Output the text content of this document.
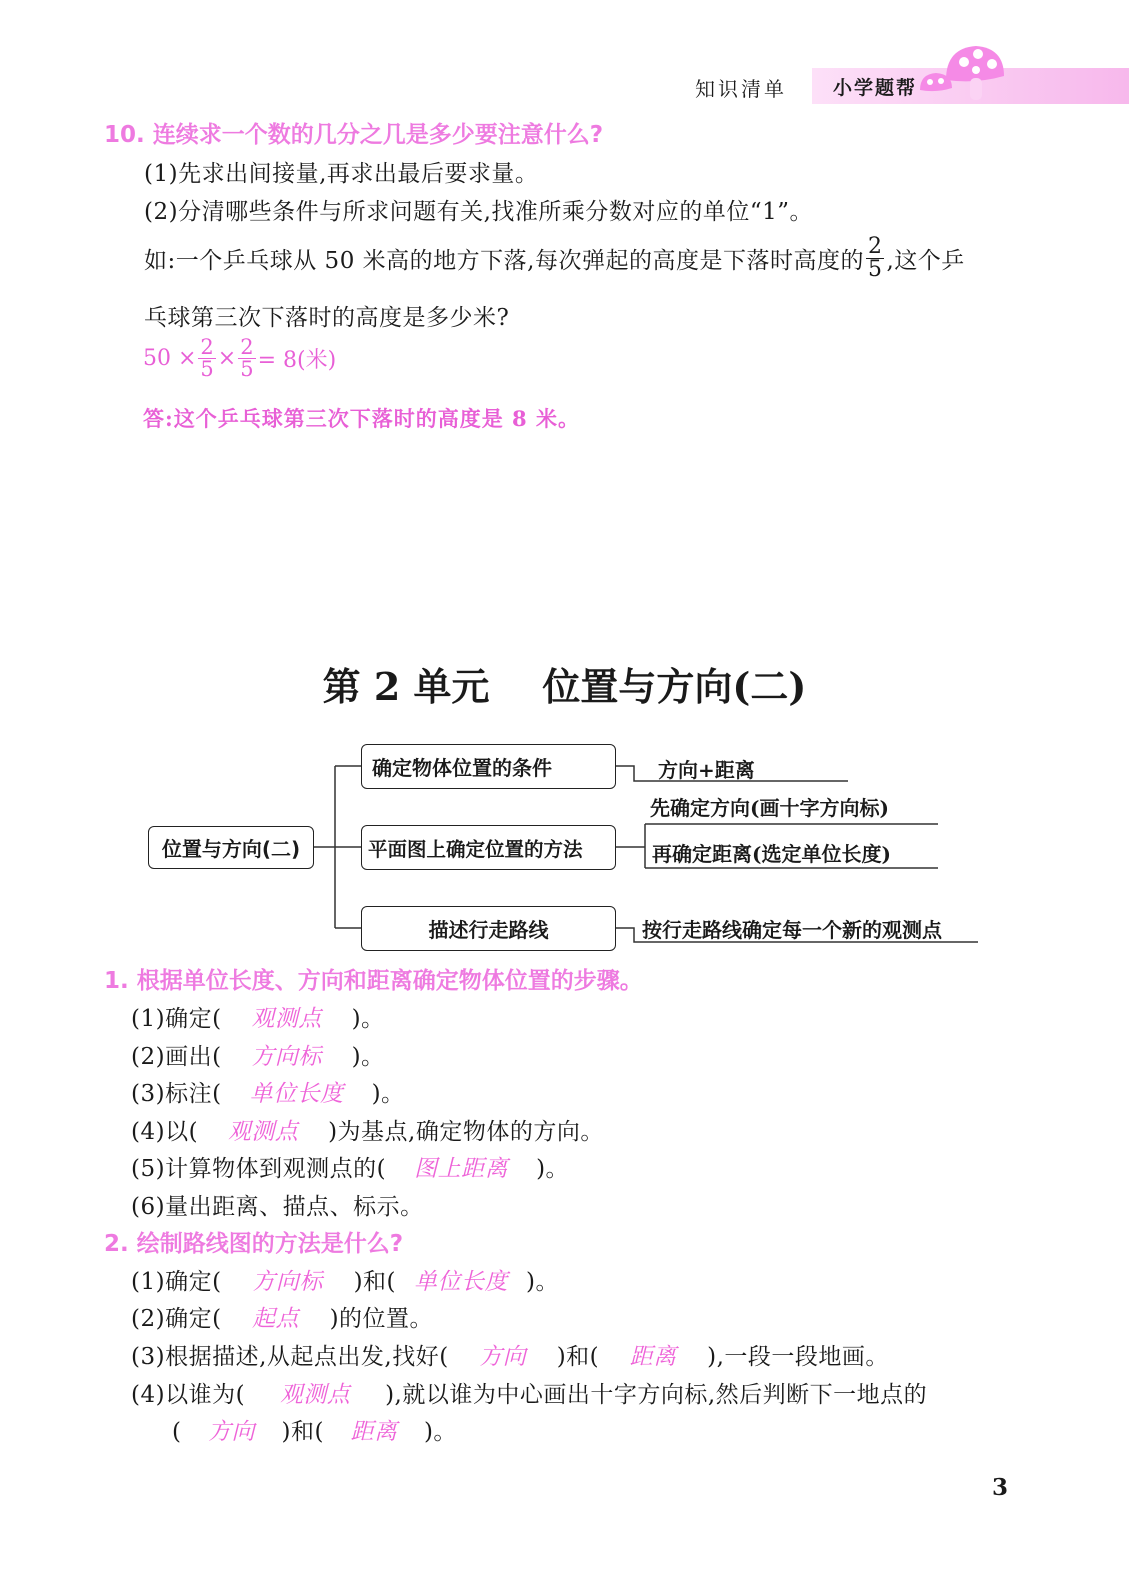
知识清单 小学题帮
10. 连续求一个数的几分之几是多少要注意什么?
(1)先求出间接量,再求出最后要求量。
(2)分清哪些条件与所求问题有关,找准所乘分数对应的单位“1”。
如:一个乒乓球从 50 米高的地方下落,每次弹起的高度是下落时高度的 $\frac{2}{5}$ ,这个乒
乓球第三次下落时的高度是多少米?
$50 \times \frac{2}{5} \times \frac{2}{5} = 8$(米)
答:这个乒乓球第三次下落时的高度是 8 米。
第 2 单元    位置与方向(二)
位置与方向(二)
确定物体位置的条件
平面图上确定位置的方法
描述行走路线
方向+距离
先确定方向(画十字方向标)
再确定距离(选定单位长度)
按行走路线确定每一个新的观测点
1. 根据单位长度、方向和距离确定物体位置的步骤。
(1)确定( 观测点 )。
(2)画出( 方向标 )。
(3)标注( 单位长度 )。
(4)以( 观测点 )为基点,确定物体的方向。
(5)计算物体到观测点的( 图上距离 )。
(6)量出距离、描点、标示。
2. 绘制路线图的方法是什么?
(1)确定( 方向标 )和( 单位长度 )。
(2)确定( 起点 )的位置。
(3)根据描述,从起点出发,找好( 方向 )和( 距离 ),一段一段地画。
(4)以谁为( 观测点 ),就以谁为中心画出十字方向标,然后判断下一地点的
( 方向 )和( 距离 )。
3
